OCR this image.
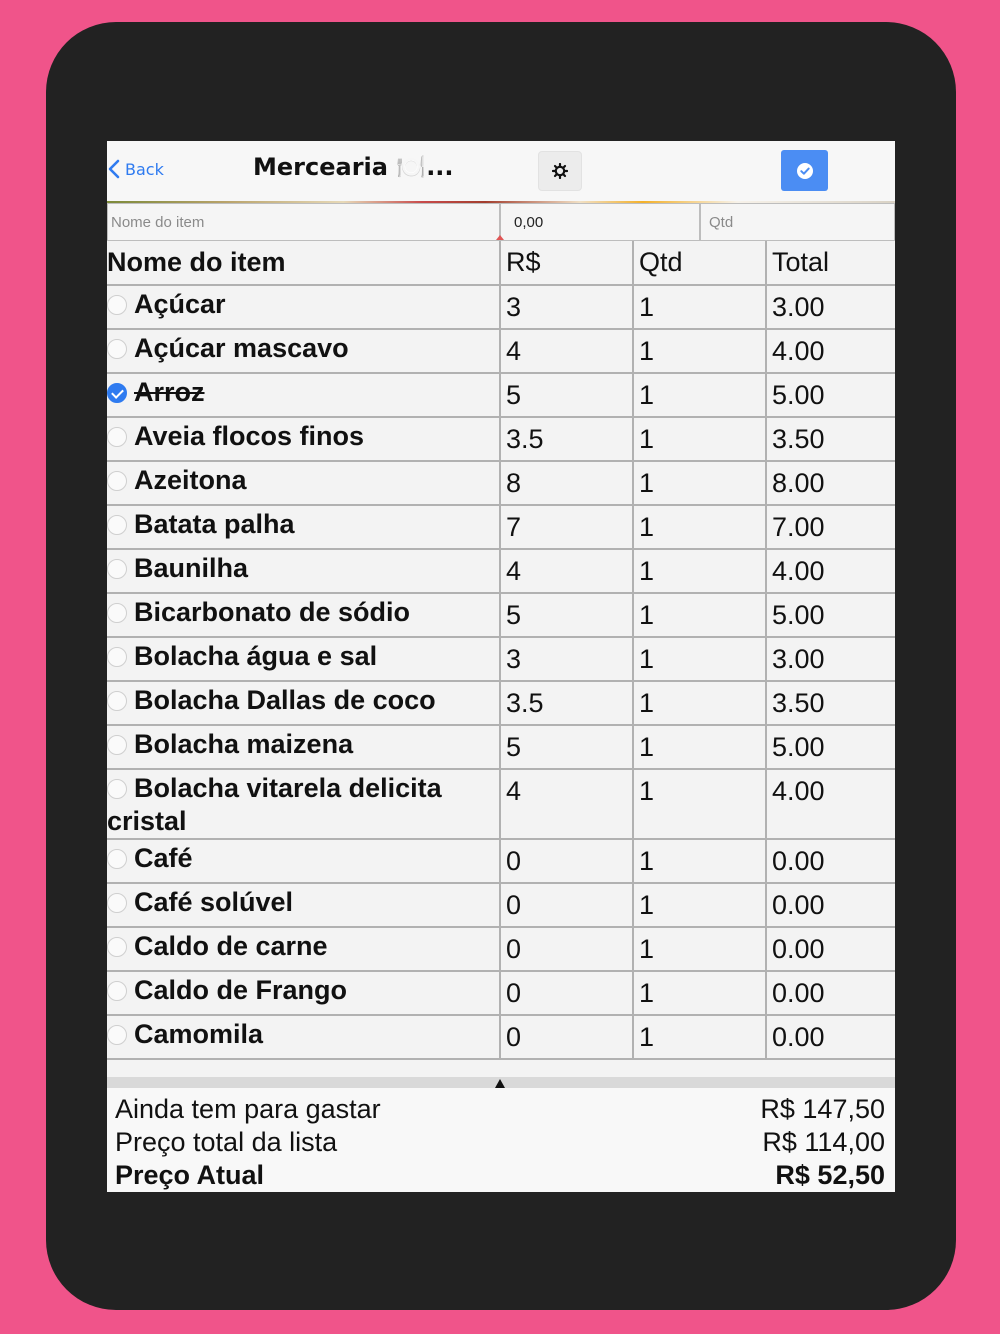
Back	Mercearia 🍽️...
Nome do item
0,00
Qtd
Nome do item	R$	Qtd	Total
Açúcar	3	1	3.00
Açúcar mascavo	4	1	4.00
Arroz	5	1	5.00
Aveia flocos finos	3.5	1	3.50
Azeitona	8	1	8.00
Batata palha	7	1	7.00
Baunilha	4	1	4.00
Bicarbonato de sódio	5	1	5.00
Bolacha água e sal	3	1	3.00
Bolacha Dallas de coco	3.5	1	3.50
Bolacha maizena	5	1	5.00
Bolacha vitarela delicita cristal	4	1	4.00
Café	0	1	0.00
Café solúvel	0	1	0.00
Caldo de carne	0	1	0.00
Caldo de Frango	0	1	0.00
Camomila	0	1	0.00
Ainda tem para gastar	R$ 147,50
Preço total da lista	R$ 114,00
Preço Atual	R$ 52,50
